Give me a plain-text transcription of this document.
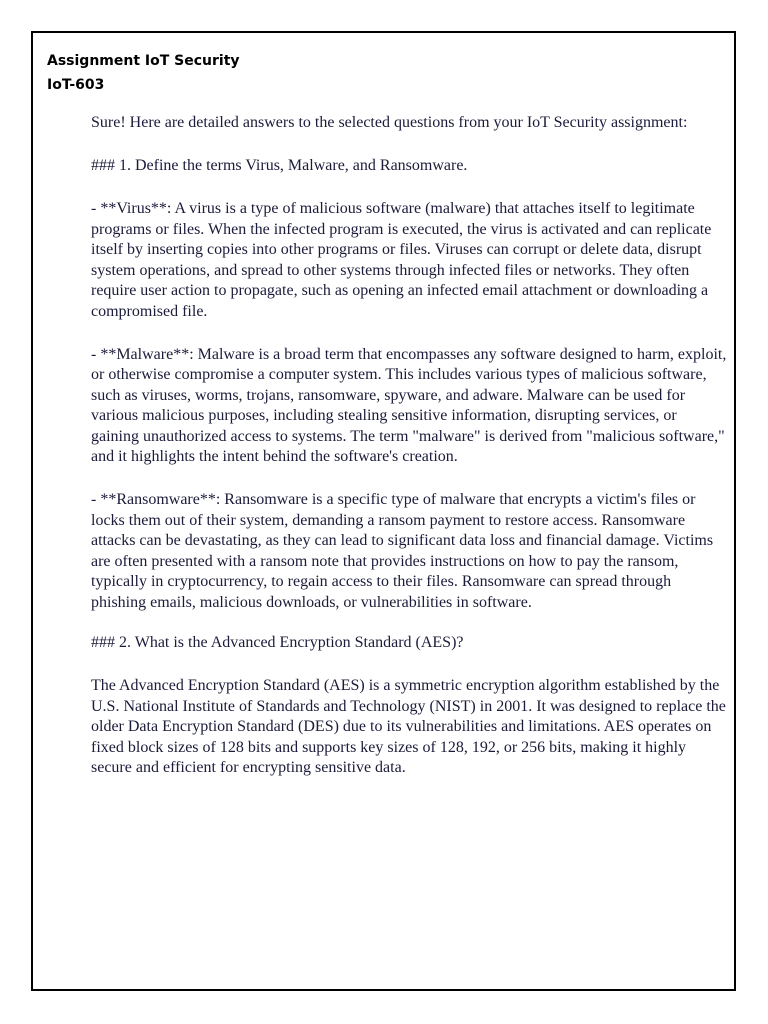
Assignment IoT Security
IoT-603

Sure! Here are detailed answers to the selected questions from your IoT Security assignment:

### 1. Define the terms Virus, Malware, and Ransomware.

- **Virus**: A virus is a type of malicious software (malware) that attaches itself to legitimate programs or files. When the infected program is executed, the virus is activated and can replicate itself by inserting copies into other programs or files. Viruses can corrupt or delete data, disrupt system operations, and spread to other systems through infected files or networks. They often require user action to propagate, such as opening an infected email attachment or downloading a compromised file.

- **Malware**: Malware is a broad term that encompasses any software designed to harm, exploit, or otherwise compromise a computer system. This includes various types of malicious software, such as viruses, worms, trojans, ransomware, spyware, and adware. Malware can be used for various malicious purposes, including stealing sensitive information, disrupting services, or gaining unauthorized access to systems. The term "malware" is derived from "malicious software," and it highlights the intent behind the software's creation.

- **Ransomware**: Ransomware is a specific type of malware that encrypts a victim's files or locks them out of their system, demanding a ransom payment to restore access. Ransomware attacks can be devastating, as they can lead to significant data loss and financial damage. Victims are often presented with a ransom note that provides instructions on how to pay the ransom, typically in cryptocurrency, to regain access to their files. Ransomware can spread through phishing emails, malicious downloads, or vulnerabilities in software.

### 2. What is the Advanced Encryption Standard (AES)?

The Advanced Encryption Standard (AES) is a symmetric encryption algorithm established by the U.S. National Institute of Standards and Technology (NIST) in 2001. It was designed to replace the older Data Encryption Standard (DES) due to its vulnerabilities and limitations. AES operates on fixed block sizes of 128 bits and supports key sizes of 128, 192, or 256 bits, making it highly secure and efficient for encrypting sensitive data.
